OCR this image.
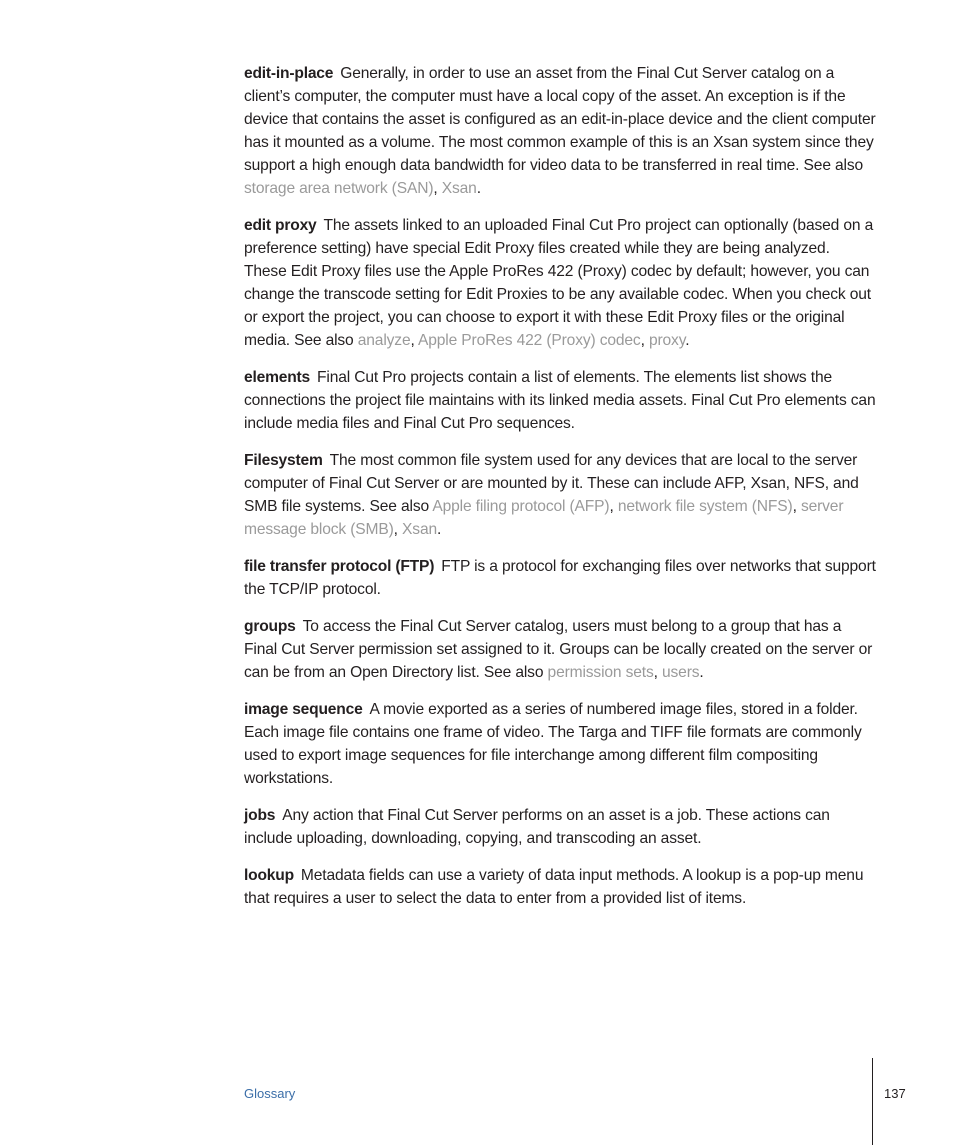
edit-in-place Generally, in order to use an asset from the Final Cut Server catalog on a client’s computer, the computer must have a local copy of the asset. An exception is if the device that contains the asset is configured as an edit-in-place device and the client computer has it mounted as a volume. The most common example of this is an Xsan system since they support a high enough data bandwidth for video data to be transferred in real time. See also storage area network (SAN), Xsan.

edit proxy The assets linked to an uploaded Final Cut Pro project can optionally (based on a preference setting) have special Edit Proxy files created while they are being analyzed. These Edit Proxy files use the Apple ProRes 422 (Proxy) codec by default; however, you can change the transcode setting for Edit Proxies to be any available codec. When you check out or export the project, you can choose to export it with these Edit Proxy files or the original media. See also analyze, Apple ProRes 422 (Proxy) codec, proxy.

elements Final Cut Pro projects contain a list of elements. The elements list shows the connections the project file maintains with its linked media assets. Final Cut Pro elements can include media files and Final Cut Pro sequences.

Filesystem The most common file system used for any devices that are local to the server computer of Final Cut Server or are mounted by it. These can include AFP, Xsan, NFS, and SMB file systems. See also Apple filing protocol (AFP), network file system (NFS), server message block (SMB), Xsan.

file transfer protocol (FTP) FTP is a protocol for exchanging files over networks that support the TCP/IP protocol.

groups To access the Final Cut Server catalog, users must belong to a group that has a Final Cut Server permission set assigned to it. Groups can be locally created on the server or can be from an Open Directory list. See also permission sets, users.

image sequence A movie exported as a series of numbered image files, stored in a folder. Each image file contains one frame of video. The Targa and TIFF file formats are commonly used to export image sequences for file interchange among different film compositing workstations.

jobs Any action that Final Cut Server performs on an asset is a job. These actions can include uploading, downloading, copying, and transcoding an asset.

lookup Metadata fields can use a variety of data input methods. A lookup is a pop-up menu that requires a user to select the data to enter from a provided list of items.

Glossary	137
